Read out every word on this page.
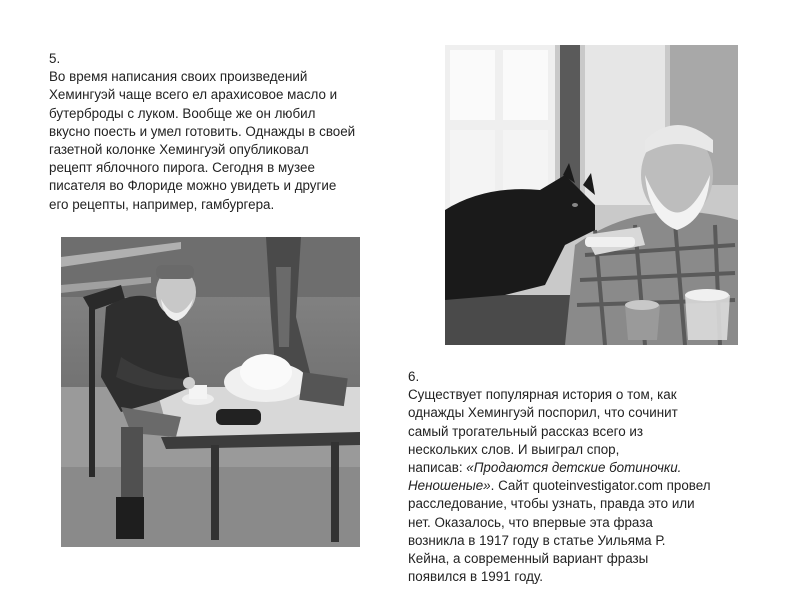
5.
Во время написания своих произведений
Хемингуэй чаще всего ел арахисовое масло и
бутерброды с луком. Вообще же он любил
вкусно поесть и умел готовить. Однажды в своей
газетной колонке Хемингуэй опубликовал
рецепт яблочного пирога. Сегодня в музее
писателя во Флориде можно увидеть и другие
его рецепты, например, гамбургера.
6.
Существует популярная история о том, как
однажды Хемингуэй поспорил, что сочинит
самый трогательный рассказ всего из
нескольких слов. И выиграл спор,
написав: «Продаются детские ботиночки.
Неношеные». Сайт quoteinvestigator.com провел
расследование, чтобы узнать, правда это или
нет. Оказалось, что впервые эта фраза
возникла в 1917 году в статье Уильяма Р.
Кейна, а современный вариант фразы
появился в 1991 году.
